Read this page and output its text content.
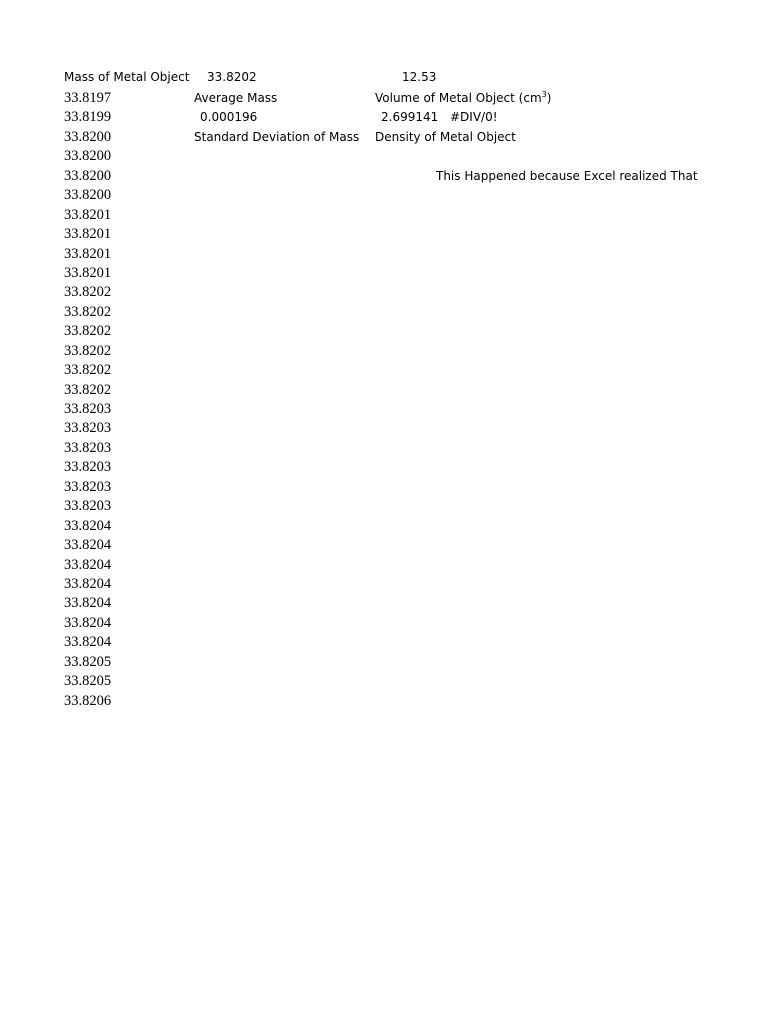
Mass of Metal Object 33.8202	12.53
Average Mass
0.000196
Standard Deviation of Mass
Volume of Metal Object $(cm^3)$
2.699141 #DIV/0!
Density of Metal Object
This Happened because Excel realized That
33.8197
33.8199
33.8200
33.8200
33.8200
33.8200
33.8201
33.8201
33.8201
33.8201
33.8202
33.8202
33.8202
33.8202
33.8202
33.8202
33.8203
33.8203
33.8203
33.8203
33.8203
33.8203
33.8204
33.8204
33.8204
33.8204
33.8204
33.8204
33.8204
33.8205
33.8205
33.8206
